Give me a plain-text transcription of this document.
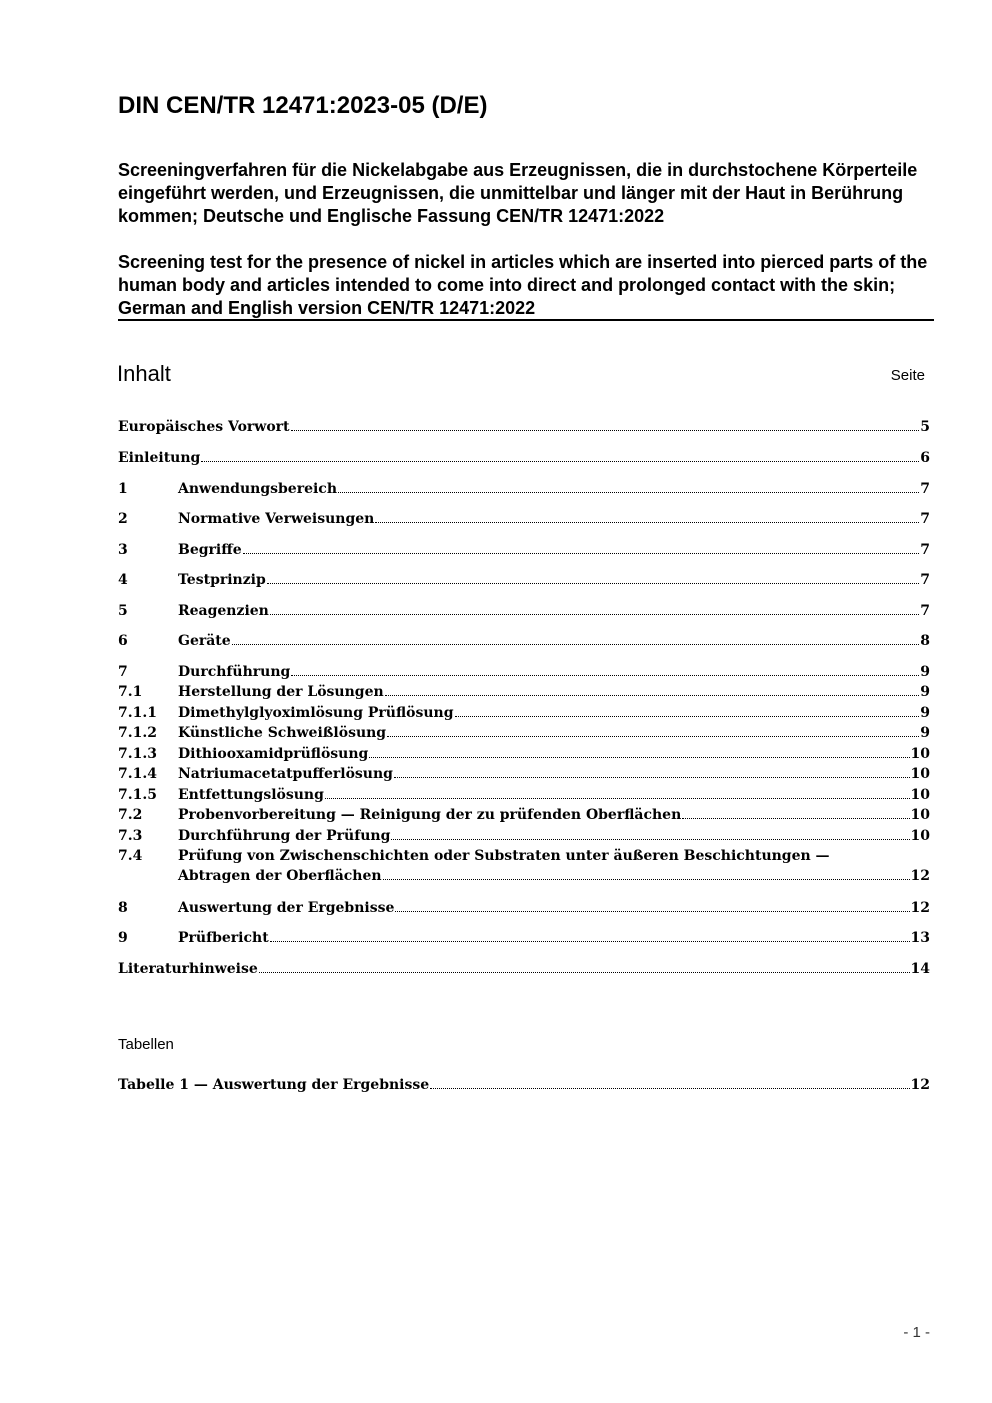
DIN CEN/TR 12471:2023-05 (D/E)

Screeningverfahren für die Nickelabgabe aus Erzeugnissen, die in durchstochene Körperteile eingeführt werden, und Erzeugnissen, die unmittelbar und länger mit der Haut in Berührung kommen; Deutsche und Englische Fassung CEN/TR 12471:2022

Screening test for the presence of nickel in articles which are inserted into pierced parts of the human body and articles intended to come into direct and prolonged contact with the skin; German and English version CEN/TR 12471:2022

Inhalt	Seite
Europäisches Vorwort	5
Einleitung	6
1	Anwendungsbereich	7
2	Normative Verweisungen	7
3	Begriffe	7
4	Testprinzip	7
5	Reagenzien	7
6	Geräte	8
7	Durchführung	9
7.1	Herstellung der Lösungen	9
7.1.1	Dimethylglyoximlösung Prüflösung	9
7.1.2	Künstliche Schweißlösung	9
7.1.3	Dithiooxamidprüflösung	10
7.1.4	Natriumacetatpufferlösung	10
7.1.5	Entfettungslösung	10
7.2	Probenvorbereitung — Reinigung der zu prüfenden Oberflächen	10
7.3	Durchführung der Prüfung	10
7.4	Prüfung von Zwischenschichten oder Substraten unter äußeren Beschichtungen —
Abtragen der Oberflächen	12
8	Auswertung der Ergebnisse	12
9	Prüfbericht	13
Literaturhinweise	14
Tabellen
Tabelle 1 — Auswertung der Ergebnisse	12
- 1 -
